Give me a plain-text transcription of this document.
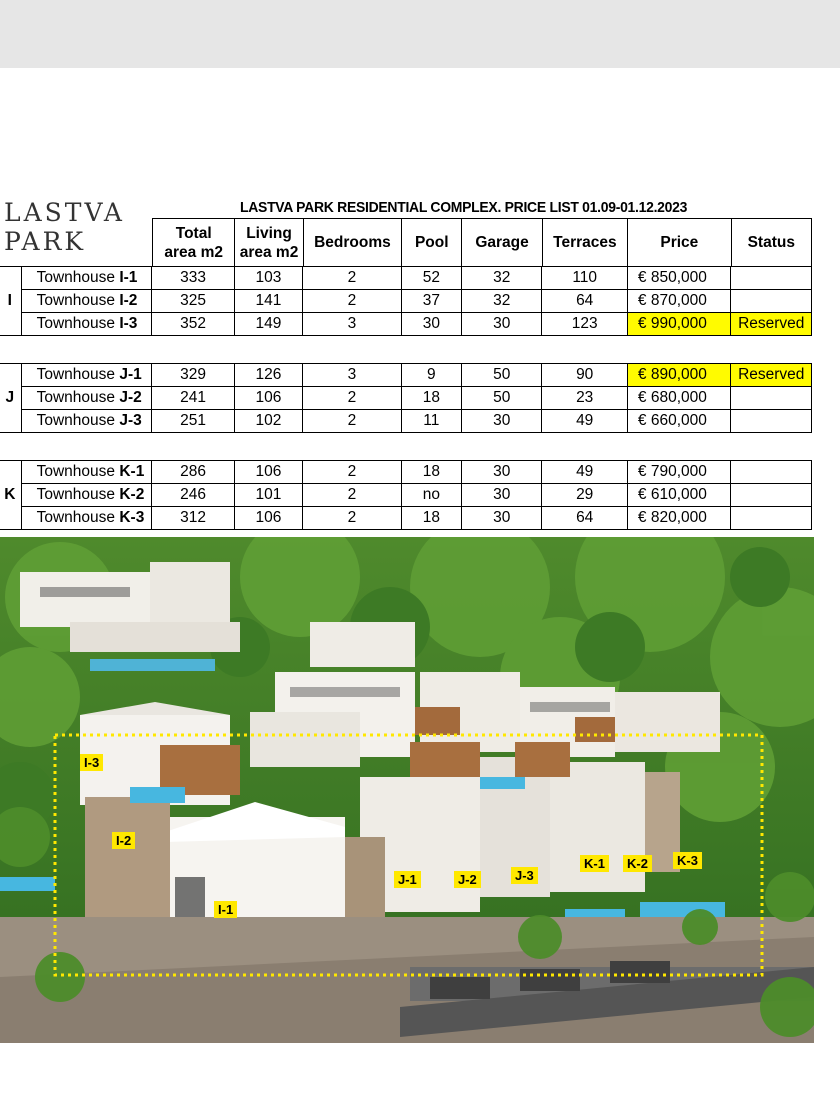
LASTVA
PARK
LASTVA PARK RESIDENTIAL COMPLEX. PRICE LIST 01.09-01.12.2023
Total
area m2	Living
area m2	Bedrooms	Pool	Garage	Terraces	Price	Status
I	Townhouse I-1	333	103	2	52	32	110	€ 850,000	
	Townhouse I-2	325	141	2	37	32	64	€ 870,000	
	Townhouse I-3	352	149	3	30	30	123	€ 990,000	Reserved
J	Townhouse J-1	329	126	3	9	50	90	€ 890,000	Reserved
	Townhouse J-2	241	106	2	18	50	23	€ 680,000	
	Townhouse J-3	251	102	2	11	30	49	€ 660,000	
K	Townhouse K-1	286	106	2	18	30	49	€ 790,000	
	Townhouse K-2	246	101	2	no	30	29	€ 610,000	
	Townhouse K-3	312	106	2	18	30	64	€ 820,000	
I-3
I-2
I-1
J-1	J-2	J-3
K-1	K-2	K-3
